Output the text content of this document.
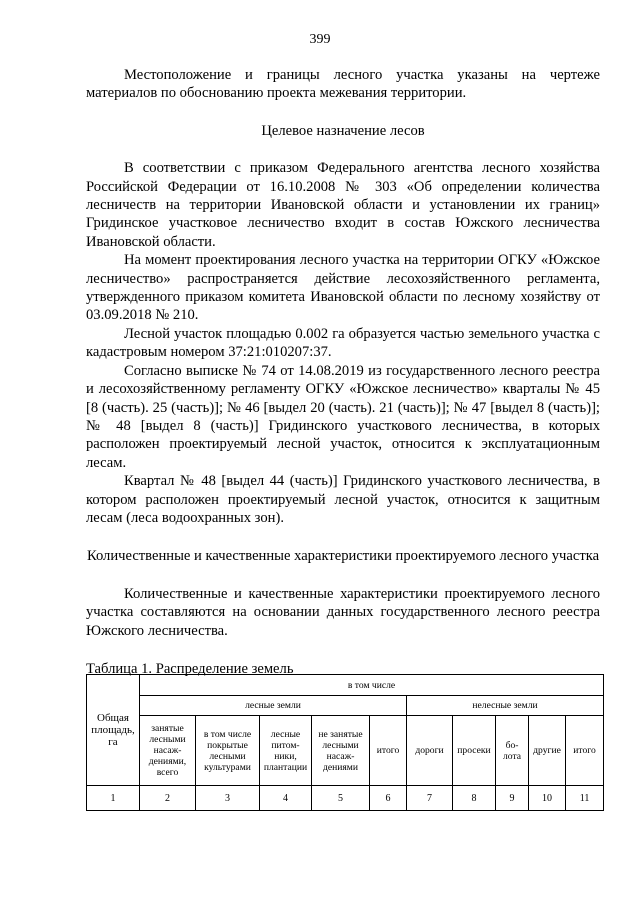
399

Местоположение и границы лесного участка указаны на чертеже материалов по обоснованию проекта межевания территории.

Целевое назначение лесов

В соответствии с приказом Федерального агентства лесного хозяйства Российской Федерации от 16.10.2008 № 303 «Об определении количества лесничеств на территории Ивановской области и установлении их границ» Гридинское участковое лесничество входит в состав Южского лесничества Ивановской области.

На момент проектирования лесного участка на территории ОГКУ «Южское лесничество» распространяется действие лесохозяйственного регламента, утвержденного приказом комитета Ивановской области по лесному хозяйству от 03.09.2018 № 210.

Лесной участок площадью 0.002 га образуется частью земельного участка с кадастровым номером 37:21:010207:37.

Согласно выписке № 74 от 14.08.2019 из государственного лесного реестра и лесохозяйственному регламенту ОГКУ «Южское лесничество» кварталы № 45 [8 (часть). 25 (часть)]; № 46 [выдел 20 (часть). 21 (часть)]; № 47 [выдел 8 (часть)]; № 48 [выдел 8 (часть)] Гридинского участкового лесничества, в которых расположен проектируемый лесной участок, относится к эксплуатационным лесам.

Квартал № 48 [выдел 44 (часть)] Гридинского участкового лесничества, в котором расположен проектируемый лесной участок, относится к защитным лесам (леса водоохранных зон).

Количественные и качественные характеристики проектируемого лесного участка

Количественные и качественные характеристики проектируемого лесного участка составляются на основании данных государственного лесного реестра Южского лесничества.

Таблица 1. Распределение земель

Общая площадь, га	в том числе									
	лесные земли					нелесные земли				
	занятые лесными насаж-дениями, всего	в том числе покрытые лесными культурами	лесные питом-ники, плантации	не занятые лесными насаж-дениями	итого	дороги	просеки	бо-лота	другие	итого
1	2	3	4	5	6	7	8	9	10	11
